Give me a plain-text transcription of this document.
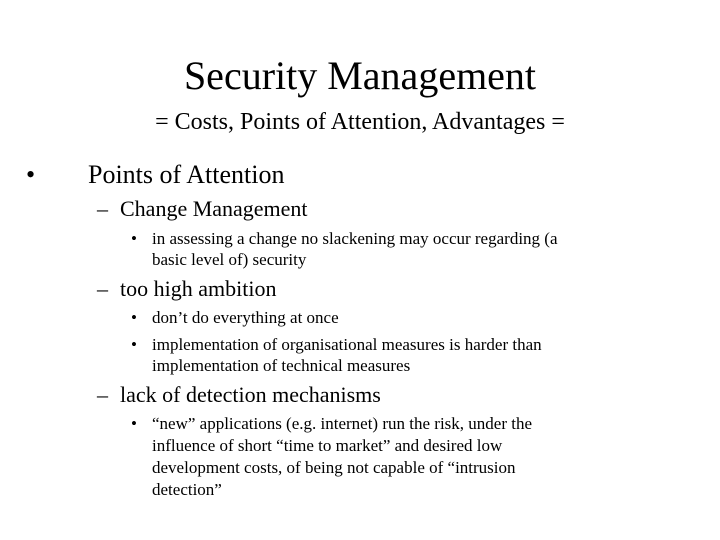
Security Management
= Costs, Points of Attention, Advantages =
• Points of Attention
– Change Management
• in assessing a change no slackening may occur regarding (a
basic level of) security
– too high ambition
• don’t do everything at once
• implementation of organisational measures is harder than
implementation of technical measures
– lack of detection mechanisms
• “new” applications (e.g. internet) run the risk, under the
influence of short “time to market” and desired low
development costs, of being not capable of “intrusion
detection”
